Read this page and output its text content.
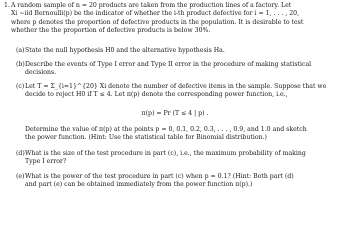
1.A random sample of n = 20 products are taken from the production lines of a factory. Let
Xi ~iid Bernoulli(p) be the indicator of whether the i-th product defective for i = 1, . . . , 20,
where p denotes the proportion of defective products in the population. It is desirable to test
whether the the proportion of defective products is below 30%.
(a)State the null hypothesis H0 and the alternative hypothesis Ha.
(b)Describe the events of Type I error and Type II error in the procedure of making statistical
decisions.
(c)Let T = Σ_{i=1}^{20} Xi denote the number of defective items in the sample. Suppose that we
decide to reject H0 if T ≤ 4. Let π(p) denote the corresponding power function, i.e.,
π(p) = Pr (T ≤ 4 | p) .
Determine the value of π(p) at the points p = 0, 0.1, 0.2, 0.3, . . . , 0.9, and 1.0 and sketch
the power function. (Hint: Use the statistical table for Binomial distribution.)
(d)What is the size of the test procedure in part (c), i.e., the maximum probability of making
Type I error?
(e)What is the power of the test procedure in part (c) when p = 0.1? (Hint: Both part (d)
and part (e) can be obtained immediately from the power function π(p).)
